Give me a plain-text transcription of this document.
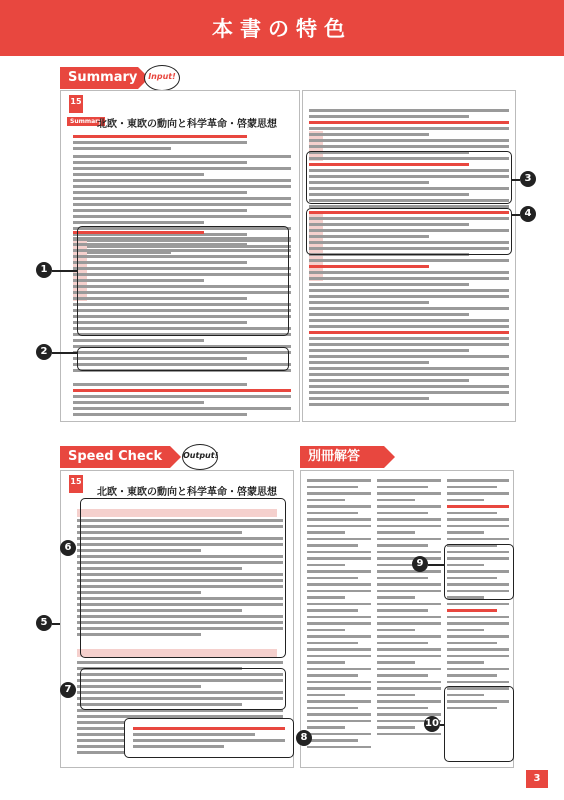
本書の特色
Summary	Input!
15
Summary
北欧・東欧の動向と科学革命・啓蒙思想
1
2
3
4
Speed Check	Output!	別冊解答
15
北欧・東欧の動向と科学革命・啓蒙思想
6
5
7
8
9
10
3
